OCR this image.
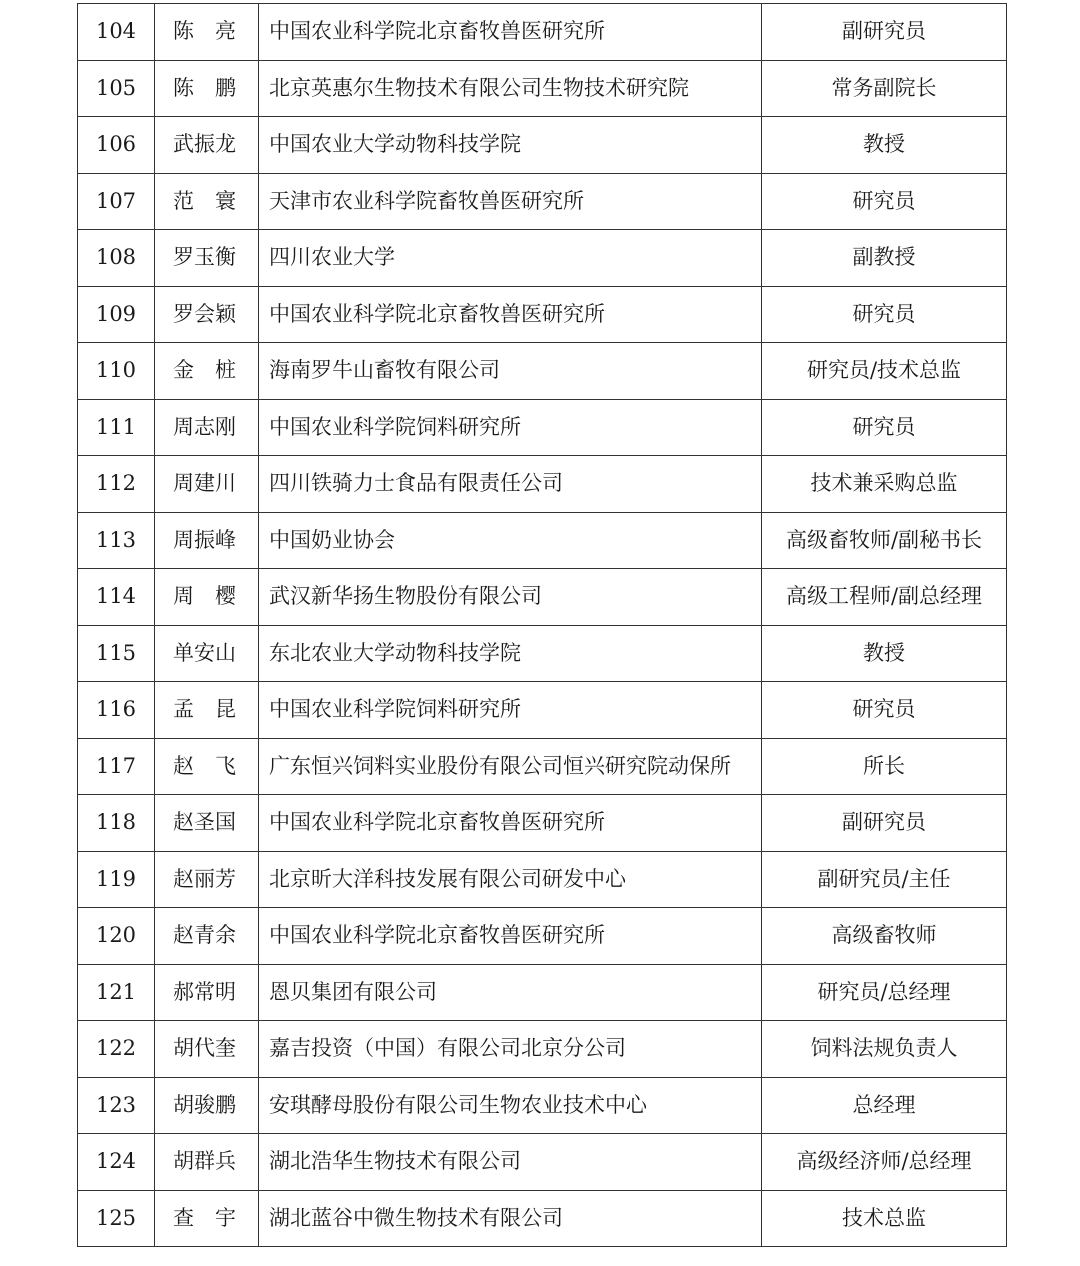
104	陈　亮	中国农业科学院北京畜牧兽医研究所	副研究员
105	陈　鹏	北京英惠尔生物技术有限公司生物技术研究院	常务副院长
106	武振龙	中国农业大学动物科技学院	教授
107	范　寰	天津市农业科学院畜牧兽医研究所	研究员
108	罗玉衡	四川农业大学	副教授
109	罗会颖	中国农业科学院北京畜牧兽医研究所	研究员
110	金　桩	海南罗牛山畜牧有限公司	研究员/技术总监
111	周志刚	中国农业科学院饲料研究所	研究员
112	周建川	四川铁骑力士食品有限责任公司	技术兼采购总监
113	周振峰	中国奶业协会	高级畜牧师/副秘书长
114	周　樱	武汉新华扬生物股份有限公司	高级工程师/副总经理
115	单安山	东北农业大学动物科技学院	教授
116	孟　昆	中国农业科学院饲料研究所	研究员
117	赵　飞	广东恒兴饲料实业股份有限公司恒兴研究院动保所	所长
118	赵圣国	中国农业科学院北京畜牧兽医研究所	副研究员
119	赵丽芳	北京昕大洋科技发展有限公司研发中心	副研究员/主任
120	赵青余	中国农业科学院北京畜牧兽医研究所	高级畜牧师
121	郝常明	恩贝集团有限公司	研究员/总经理
122	胡代奎	嘉吉投资（中国）有限公司北京分公司	饲料法规负责人
123	胡骏鹏	安琪酵母股份有限公司生物农业技术中心	总经理
124	胡群兵	湖北浩华生物技术有限公司	高级经济师/总经理
125	查　宇	湖北蓝谷中微生物技术有限公司	技术总监
